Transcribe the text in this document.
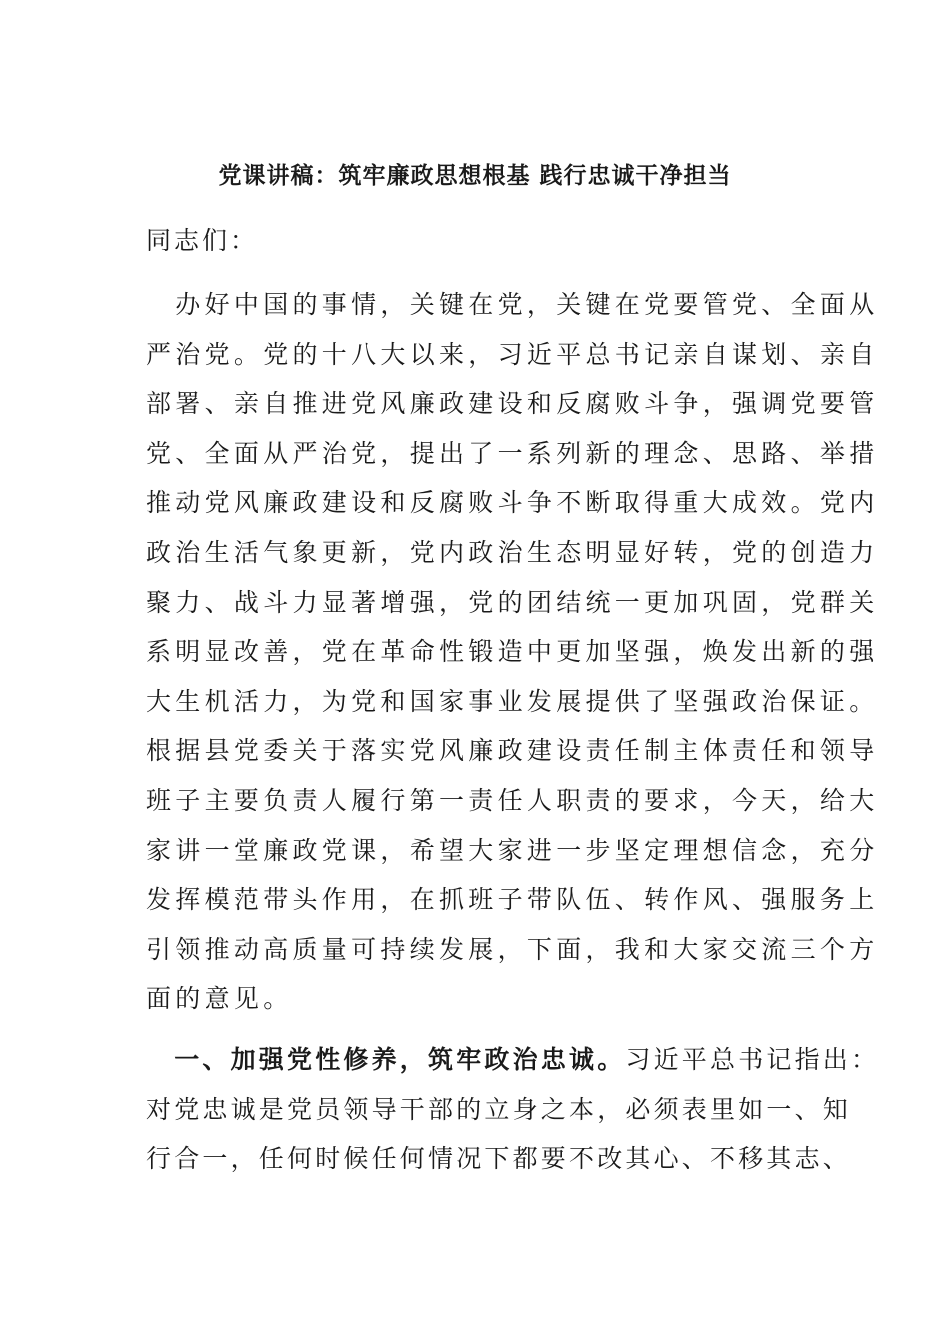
党课讲稿：筑牢廉政思想根基 践行忠诚干净担当
同志们：
　办好中国的事情，关键在党，关键在党要管党、全面从
严治党。党的十八大以来，习近平总书记亲自谋划、亲自
部署、亲自推进党风廉政建设和反腐败斗争，强调党要管
党、全面从严治党，提出了一系列新的理念、思路、举措
推动党风廉政建设和反腐败斗争不断取得重大成效。党内
政治生活气象更新，党内政治生态明显好转，党的创造力
聚力、战斗力显著增强，党的团结统一更加巩固，党群关
系明显改善，党在革命性锻造中更加坚强，焕发出新的强
大生机活力，为党和国家事业发展提供了坚强政治保证。
根据县党委关于落实党风廉政建设责任制主体责任和领导
班子主要负责人履行第一责任人职责的要求，今天，给大
家讲一堂廉政党课，希望大家进一步坚定理想信念，充分
发挥模范带头作用，在抓班子带队伍、转作风、强服务上
引领推动高质量可持续发展，下面，我和大家交流三个方
面的意见。
　一、加强党性修养，筑牢政治忠诚。习近平总书记指出：
对党忠诚是党员领导干部的立身之本，必须表里如一、知
行合一，任何时候任何情况下都要不改其心、不移其志、
